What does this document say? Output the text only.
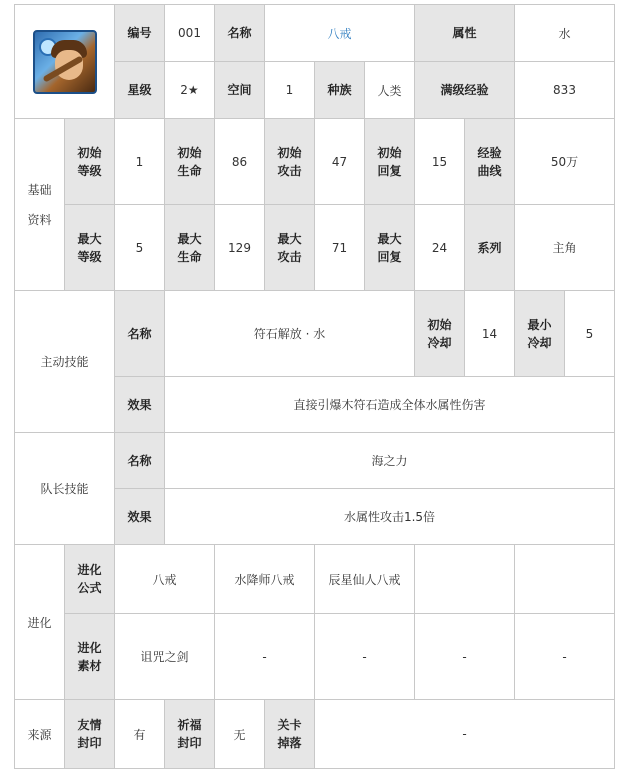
		编号	001	名称	八戒			属性		水	
		星级	2★	空间	1	种族	人类	满级经验		833	

基础资料	初始等级	1	初始生命	86	初始攻击	47	初始回复	15	经验曲线	50万	

	最大等级	5	最大生命	129	最大攻击	71	最大回复	24	系列	主角	
主动技能		名称	符石解放 · 水					初始冷却	14	最小冷却	5
		效果	直接引爆木符石造成全体水属性伤害								
队长技能		名称	海之力								
		效果	水属性攻击1.5倍								
进化	进化公式	八戒		水降师八戒		辰星仙人八戒					

	进化素材	诅咒之剑		-		-		-		-	
来源	友情封印	有	祈福封印	无	关卡掉落	-					
